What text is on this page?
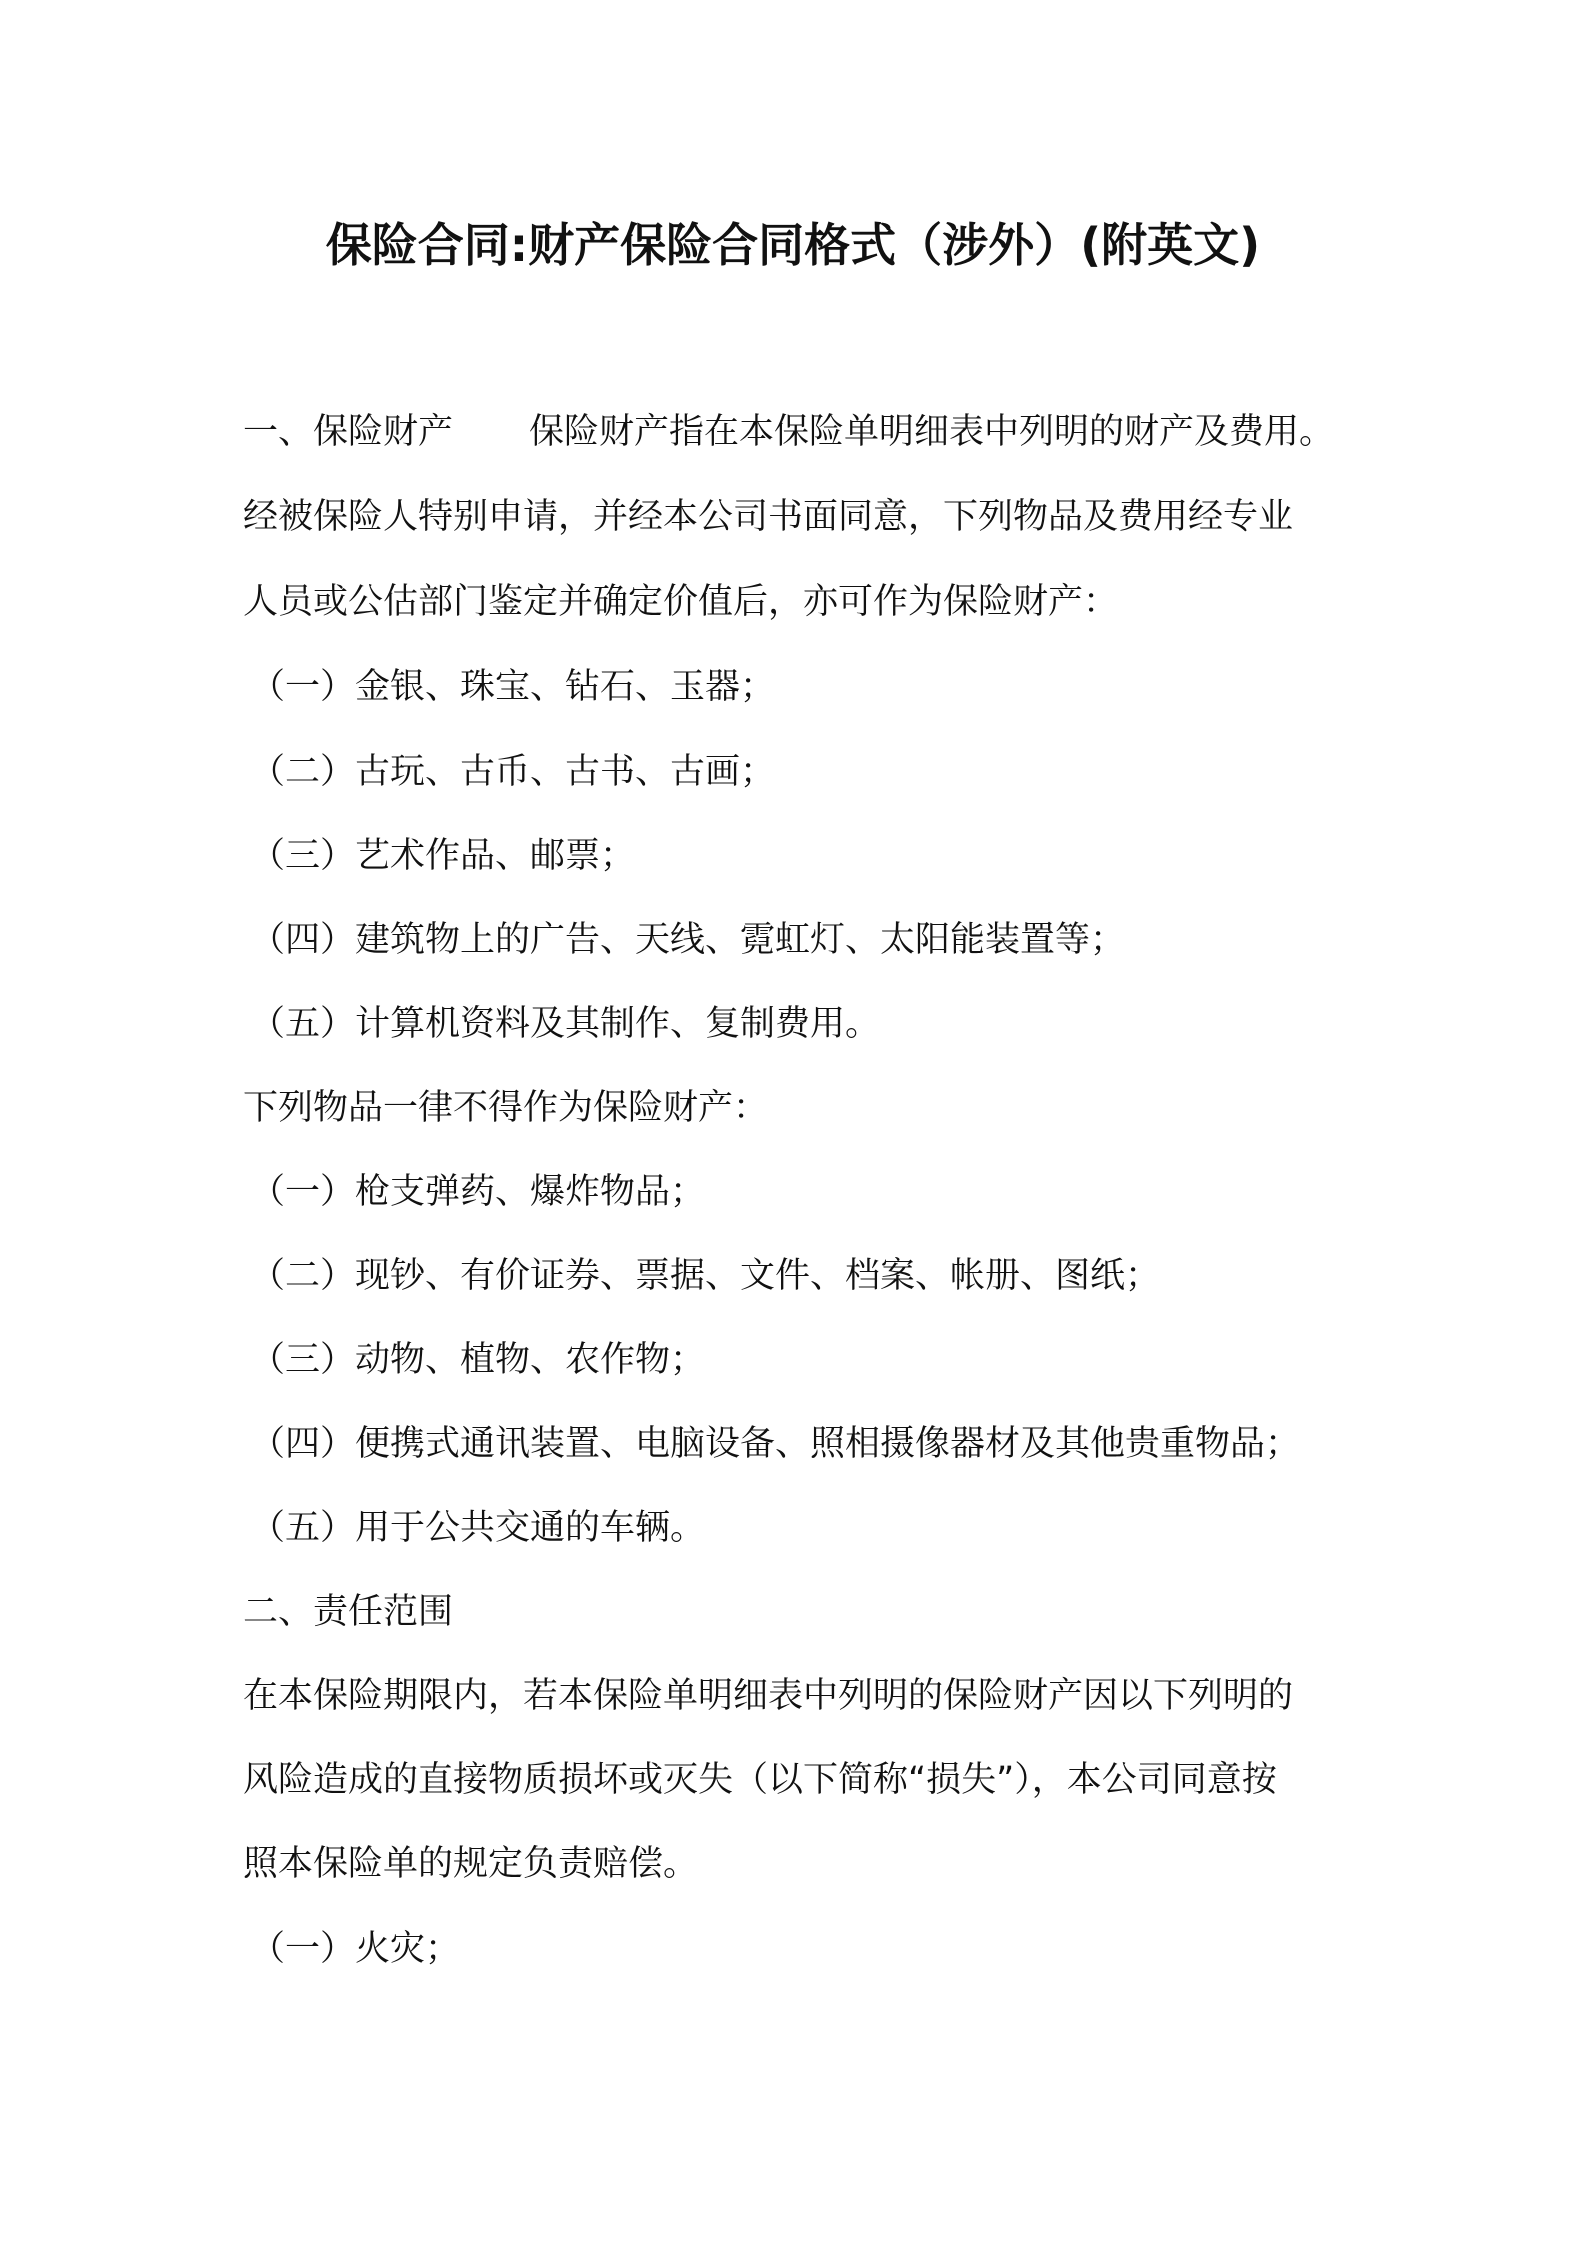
保险合同:财产保险合同格式（涉外）(附英文)
一、保险财产 保险财产指在本保险单明细表中列明的财产及费用。
经被保险人特别申请，并经本公司书面同意，下列物品及费用经专业
人员或公估部门鉴定并确定价值后，亦可作为保险财产：
（一）金银、珠宝、钻石、玉器；
（二）古玩、古币、古书、古画；
（三）艺术作品、邮票；
（四）建筑物上的广告、天线、霓虹灯、太阳能装置等；
（五）计算机资料及其制作、复制费用。
下列物品一律不得作为保险财产：
（一）枪支弹药、爆炸物品；
（二）现钞、有价证券、票据、文件、档案、帐册、图纸；
（三）动物、植物、农作物；
（四）便携式通讯装置、电脑设备、照相摄像器材及其他贵重物品；
（五）用于公共交通的车辆。
二、责任范围
在本保险期限内，若本保险单明细表中列明的保险财产因以下列明的
风险造成的直接物质损坏或灭失（以下简称“损失”），本公司同意按
照本保险单的规定负责赔偿。
（一）火灾；
